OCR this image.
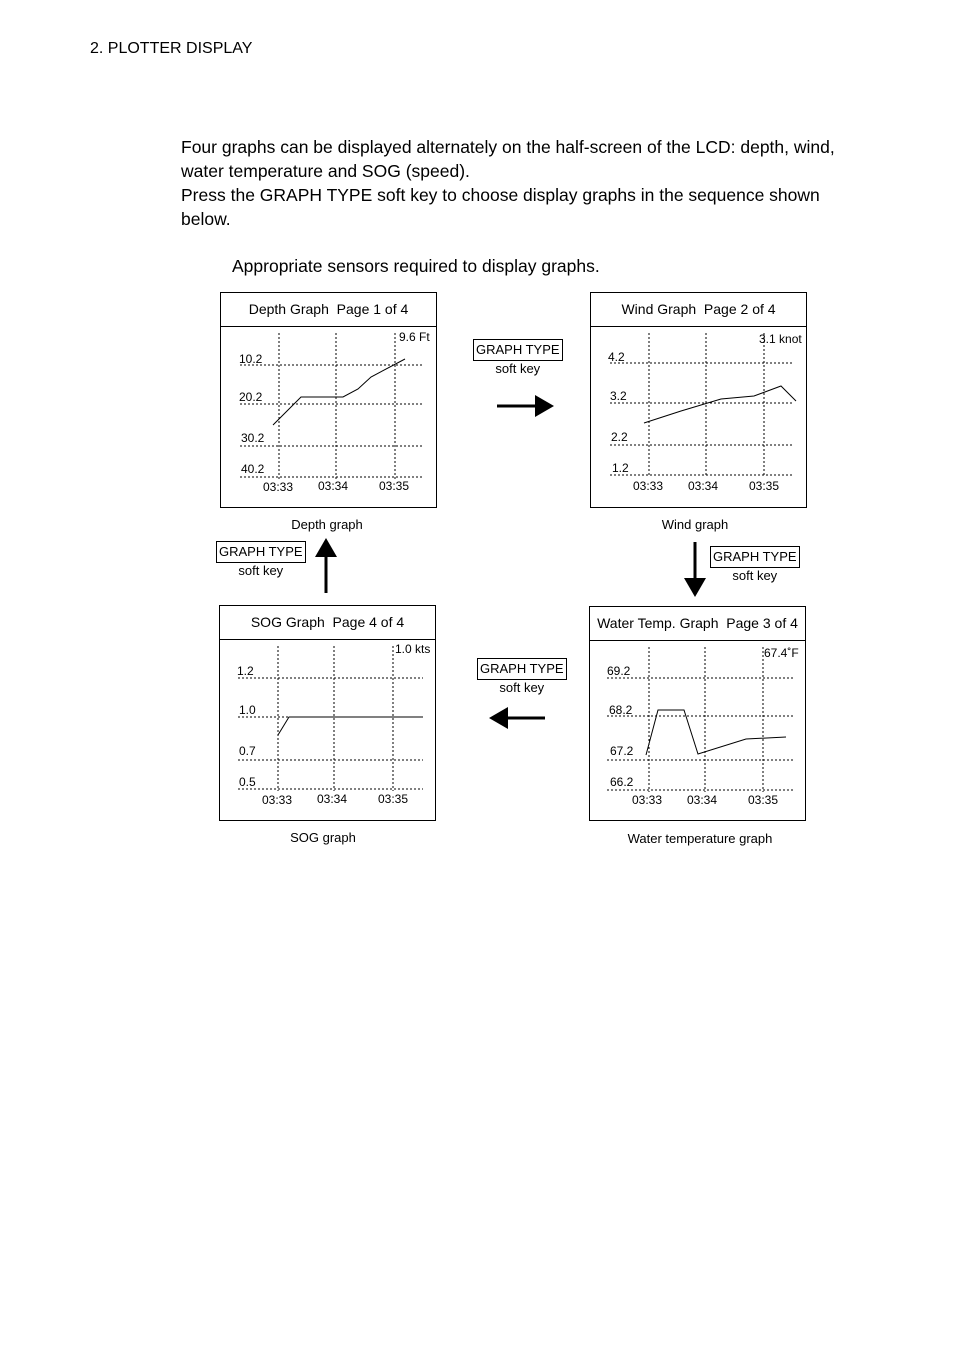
2. PLOTTER DISPLAY

Four graphs can be displayed alternately on the half-screen of the LCD: depth, wind, water temperature and SOG (speed).

Press the GRAPH TYPE soft key to choose display graphs in the sequence shown below.

Appropriate sensors required to display graphs.
Depth Graph  Page 1 of 4
9.6 Ft
10.2
20.2
30.2
40.2
03:33 03:34	03:35
Depth graph
Wind Graph  Page 2 of 4
3.1 knot
4.2
3.2
2.2
1.2
03:33 03:34	03:35
Wind graph
Water Temp. Graph  Page 3 of 4
67.4˚F
69.2
68.2
67.2
66.2
03:33 03:34	03:35
Water temperature graph
SOG Graph  Page 4 of 4
1.0 kts
1.2
1.0
0.7
0.5
03:33 03:34	03:35
SOG graph
GRAPH TYPE
soft key
GRAPH TYPE
soft key
GRAPH TYPE
soft key
GRAPH TYPE
soft key
